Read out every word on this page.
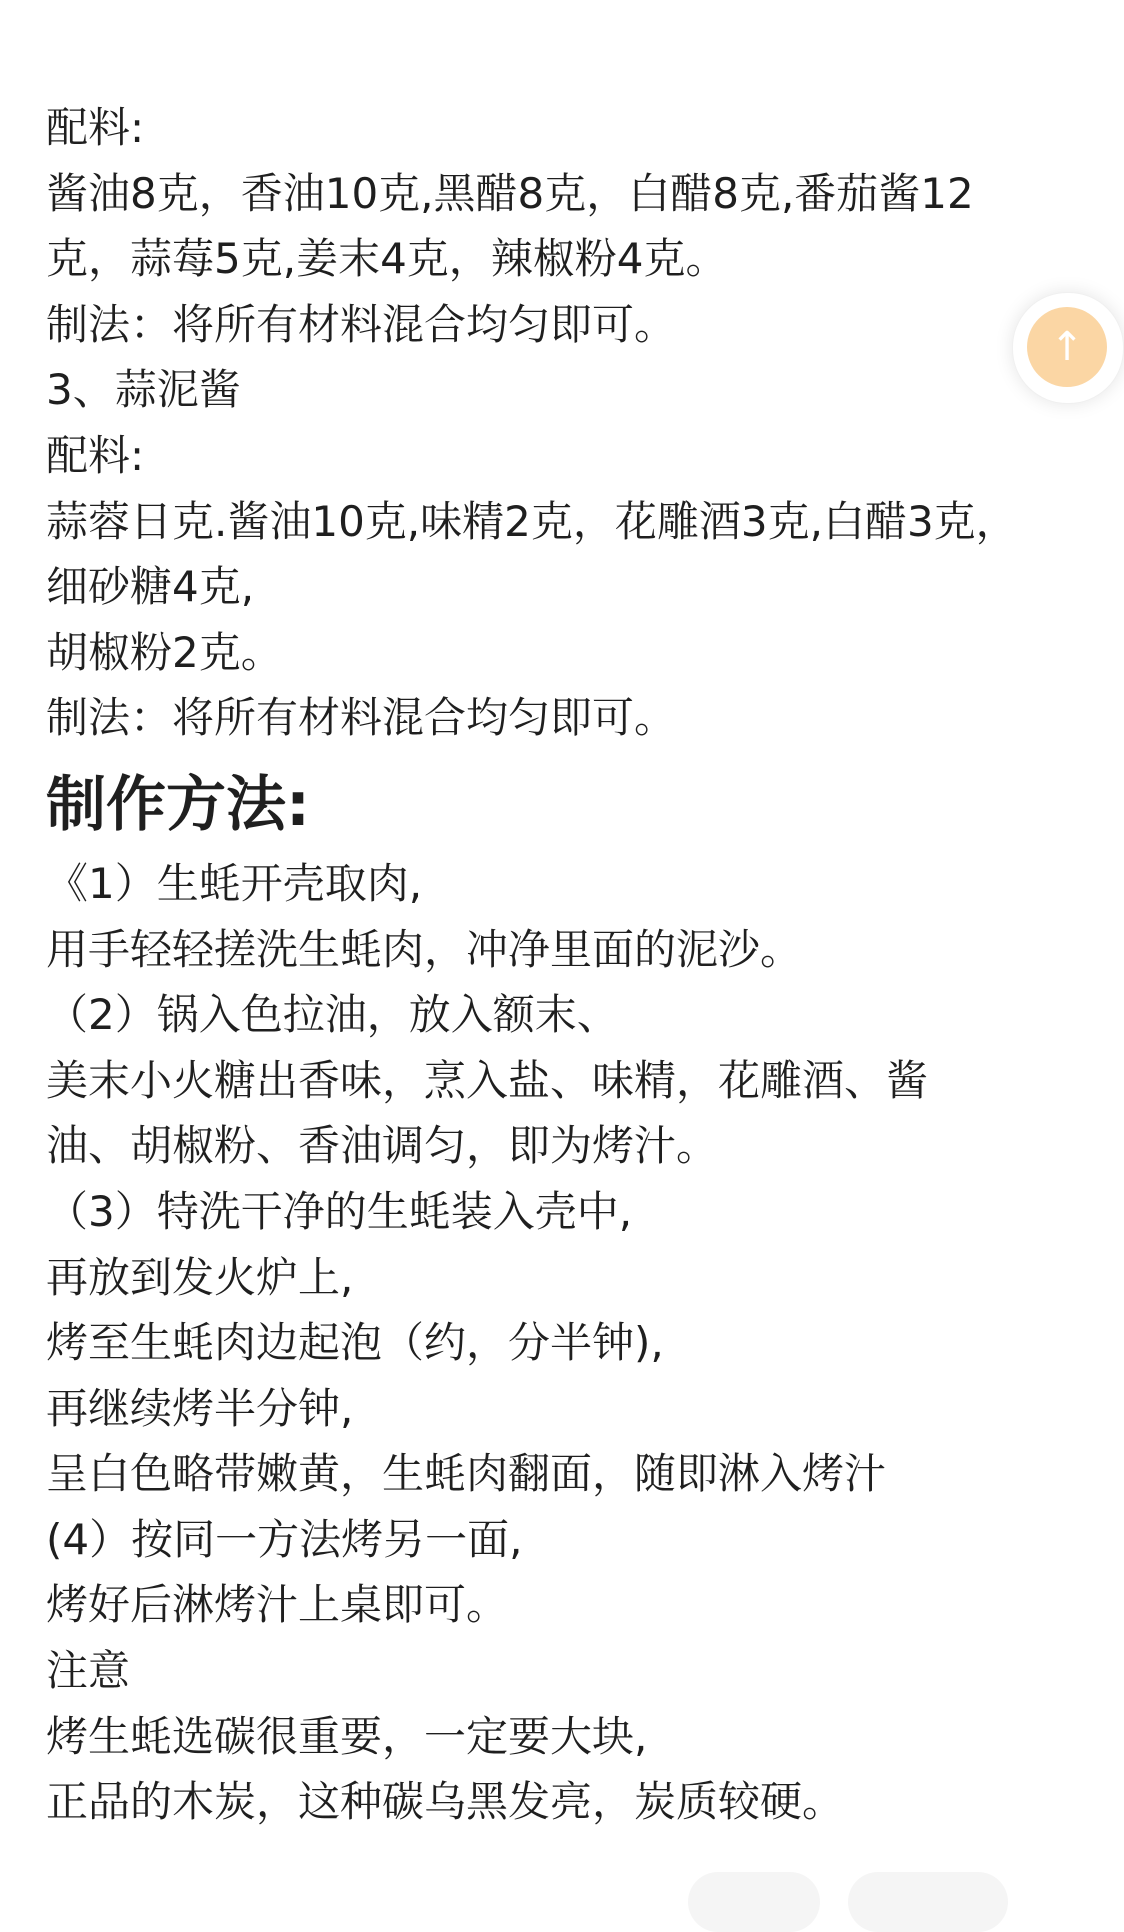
配料:
酱油8克，香油10克,黑醋8克，白醋8克,番茄酱12
克，蒜莓5克,姜末4克，辣椒粉4克。
制法：将所有材料混合均匀即可。
3、蒜泥酱
配料:
蒜蓉日克.酱油10克,味精2克，花雕酒3克,白醋3克，
细砂糖4克,
胡椒粉2克。
制法：将所有材料混合均匀即可。
制作方法:
《1）生蚝开壳取肉,
用手轻轻搓洗生蚝肉，冲净里面的泥沙。
（2）锅入色拉油，放入额末、
美末小火糖出香味，烹入盐、味精，花雕酒、酱
油、胡椒粉、香油调匀，即为烤汁。
（3）特洗干净的生蚝装入壳中,
再放到发火炉上,
烤至生蚝肉边起泡（约，分半钟),
再继续烤半分钟,
呈白色略带嫩黄，生蚝肉翻面，随即淋入烤汁
(4）按同一方法烤另一面,
烤好后淋烤汁上桌即可。
注意
烤生蚝选碳很重要，一定要大块,
正品的木炭，这种碳乌黑发亮，炭质较硬。
↑
